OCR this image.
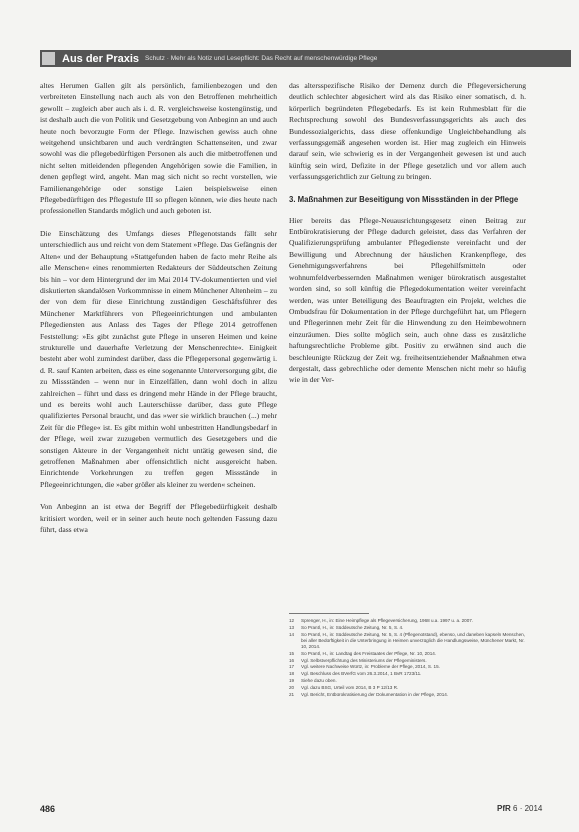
Aus der Praxis Schutz · Mehr als Notiz und Lesepflicht: Das Recht auf menschenwürdige Pflege

altes Herumen Gallen gilt als persönlich, familienbezogen und den verbreiteten Einstellung nach auch als von den Betroffenen mehrheitlich gewollt – zugleich aber auch als i. d. R. vergleichsweise kostengünstig, und ist deshalb auch die von Politik und Gesetzgebung von Anbeginn an und auch heute noch bevorzugte Form der Pflege. Inzwischen gewiss auch ohne weitgehend unsichtbaren und auch verdrängten Schattenseiten, und zwar sowohl was die pflegebedürftigen Personen als auch die mitbetroffenen und nicht selten mitleidenden pflegenden Angehörigen sowie die Familien, in denen gepflegt wird, angeht. Man mag sich nicht so recht vorstellen, wie Familienangehörige oder sonstige Laien beispielsweise einen Pflegebedürftigen des Pflegestufe III so pflegen können, wie dies heute nach professionellen Standards möglich und auch geboten ist.

Die Einschätzung des Umfangs dieses Pflegenotstands fällt sehr unterschiedlich aus und reicht von dem Statement »Pflege. Das Gefängnis der Alten« und der Behauptung »Stattgefunden haben de facto mehr Reihe als alle Menschen« eines renommierten Redakteurs der Süddeutschen Zeitung bis hin – vor dem Hintergrund der im Mai 2014 TV-dokumentierten und viel diskutierten skandalösen Vorkommnisse in einem Münchener Altenheim – zu der von dem für diese Einrichtung zuständigen Geschäftsführer des Münchener Marktführers von Pflegeeinrichtungen und ambulanten Pflegediensten aus Anlass des Tages der Pflege 2014 getroffenen Feststellung: »Es gibt zunächst gute Pflege in unseren Heimen und keine strukturelle und dauerhafte Verletzung der Menschenrechte«. Einigkeit besteht aber wohl zumindest darüber, dass die Pflegepersonal gegenwärtig i. d. R. sauf Kanten arbeiten, dass es eine sogenannte Unterversorgung gibt, die zu Missständen – wenn nur in Einzelfällen, dann wohl doch in allzu zahlreichen – führt und dass es dringend mehr Hände in der Pflege braucht, und es bereits wohl auch Lauterschüsse darüber, dass gute Pflege qualifiziertes Personal braucht, und das »wer sie wirklich brauchen (...) mehr Zeit für die Pflege« ist. Es gibt mithin wohl unbestritten Handlungsbedarf in der Pflege, weil zwar zuzugeben vermutlich des Gesetzgebers und die sonstigen Akteure in der Vergangenheit nicht untätig gewesen sind, die getroffenen Maßnahmen aber offensichtlich nicht ausgereicht haben. Einrichtende Vorkehrungen zu treffen gegen Missstände in Pflegeeinrichtungen, die »aber größer als kleiner zu werden« scheinen.

Von Anbeginn an ist etwa der Begriff der Pflegebedürftigkeit deshalb kritisiert worden, weil er in seiner auch heute noch geltenden Fassung dazu führt, dass etwa

das altersspezifische Risiko der Demenz durch die Pflegeversicherung deutlich schlechter abgesichert wird als das Risiko einer somatisch, d. h. körperlich begründeten Pflegebedarfs. Es ist kein Ruhmesblatt für die Rechtsprechung sowohl des Bundesverfassungsgerichts als auch des Bundessozialgerichts, dass diese offenkundige Ungleichbehandlung als verfassungsgemäß angesehen worden ist. Hier mag zugleich ein Hinweis darauf sein, wie schwierig es in der Vergangenheit gewesen ist und auch künftig sein wird, Defizite in der Pflege gesetzlich und vor allem auch verfassungsgerichtlich zur Geltung zu bringen.

3. Maßnahmen zur Beseitigung von Missständen in der Pflege

Hier bereits das Pflege-Neuausrichtungsgesetz einen Beitrag zur Entbürokratisierung der Pflege dadurch geleistet, dass das Verfahren der Qualifizierungsprüfung ambulanter Pflegedienste vereinfacht und der Bewilligung und Abrechnung der häuslichen Krankenpflege, des Genehmigungsverfahrens bei Pflegehilfsmitteln oder wohnumfeldverbessernden Maßnahmen weniger bürokratisch ausgestaltet worden sind, so soll künftig die Pflegedokumentation weiter vereinfacht werden, was unter Beteiligung des Beauftragten ein Projekt, welches die Ombudsfrau für Dokumentation in der Pflege durchgeführt hat, um Pflegern und Pflegerinnen mehr Zeit für die Hinwendung zu den Heimbewohnern einzuräumen. Dies sollte möglich sein, auch ohne dass es zusätzliche haftungsrechtliche Probleme gibt. Positiv zu erwähnen sind auch die beschleunigte Rückzug der Zeit wg. freiheitsentziehender Maßnahmen etwa dergestalt, dass gebrechliche oder demente Menschen nicht mehr so häufig wie in der Ver-

12	Sprenger, H., in: Eine Heimpflege als Pflegeversicherung, 1968 u.a. 1997 u. a. 2007.
13	So Prantl, H., in: Süddeutsche Zeitung, Nr. 5, S. 4.
14	So Prantl, H., in: Süddeutsche Zeitung, Nr. 5, S. 4 (Pflegenotstand), ebenso, und daneben kapseln Menschen, bei aller Bedürftigkeit in die Unterbringung in Heimen unverzüglich die Handlungsweise, Münchener Markt, Nr. 10, 2014.
15	So Prantl, H., in: Landtag des Freistaates der Pflege, Nr. 10, 2014.
16	Vgl. Selbstverpflichtung des Ministeriums der Pflegeministers.
17	Vgl. weitere Nachweise Würtz, in: Probleme der Pflege, 2014, S. 15.
18	Vgl. Beschluss des BVerfG vom 26.3.2014, 1 BvR 1723/11.
19	Siehe dazu oben.
20	Vgl. dazu BSG, Urteil vom 2014, B 3 P 12/13 R.
21	Vgl. Bericht, Entbürokratisierung der Dokumentation in der Pflege, 2014.
486	PfR 6 · 2014
